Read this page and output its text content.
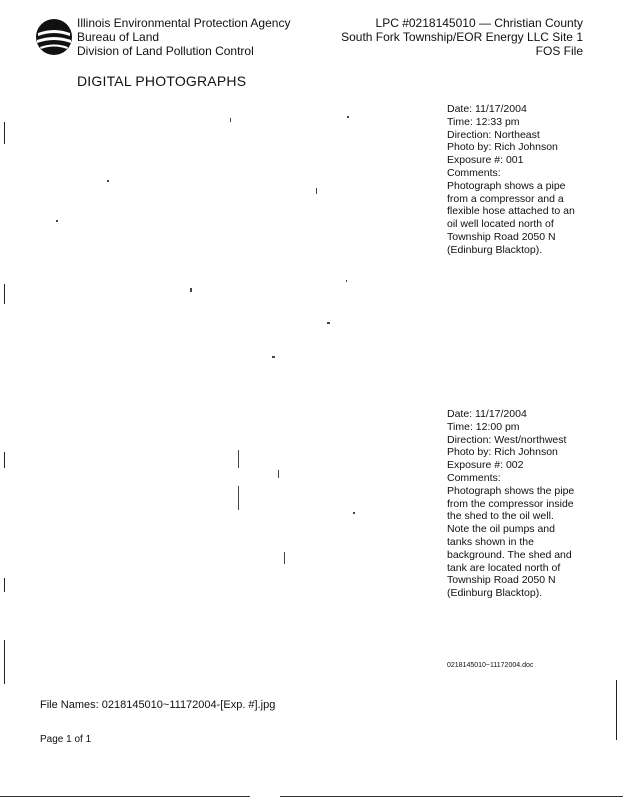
Illinois Environmental Protection Agency
Bureau of Land
Division of Land Pollution Control
LPC #0218145010 — Christian County
South Fork Township/EOR Energy LLC Site 1
FOS File
DIGITAL PHOTOGRAPHS
Date: 11/17/2004
Time: 12:33 pm
Direction: Northeast
Photo by: Rich Johnson
Exposure #: 001
Comments:
Photograph shows a pipe from a compressor and a flexible hose attached to an oil well located north of Township Road 2050 N (Edinburg Blacktop).
Date: 11/17/2004
Time: 12:00 pm
Direction: West/northwest
Photo by: Rich Johnson
Exposure #: 002
Comments:
Photograph shows the pipe from the compressor inside the shed to the oil well. Note the oil pumps and tanks shown in the background. The shed and tank are located north of Township Road 2050 N (Edinburg Blacktop).
0218145010~11172004.doc
File Names: 0218145010~11172004-[Exp. #].jpg
Page 1 of 1
